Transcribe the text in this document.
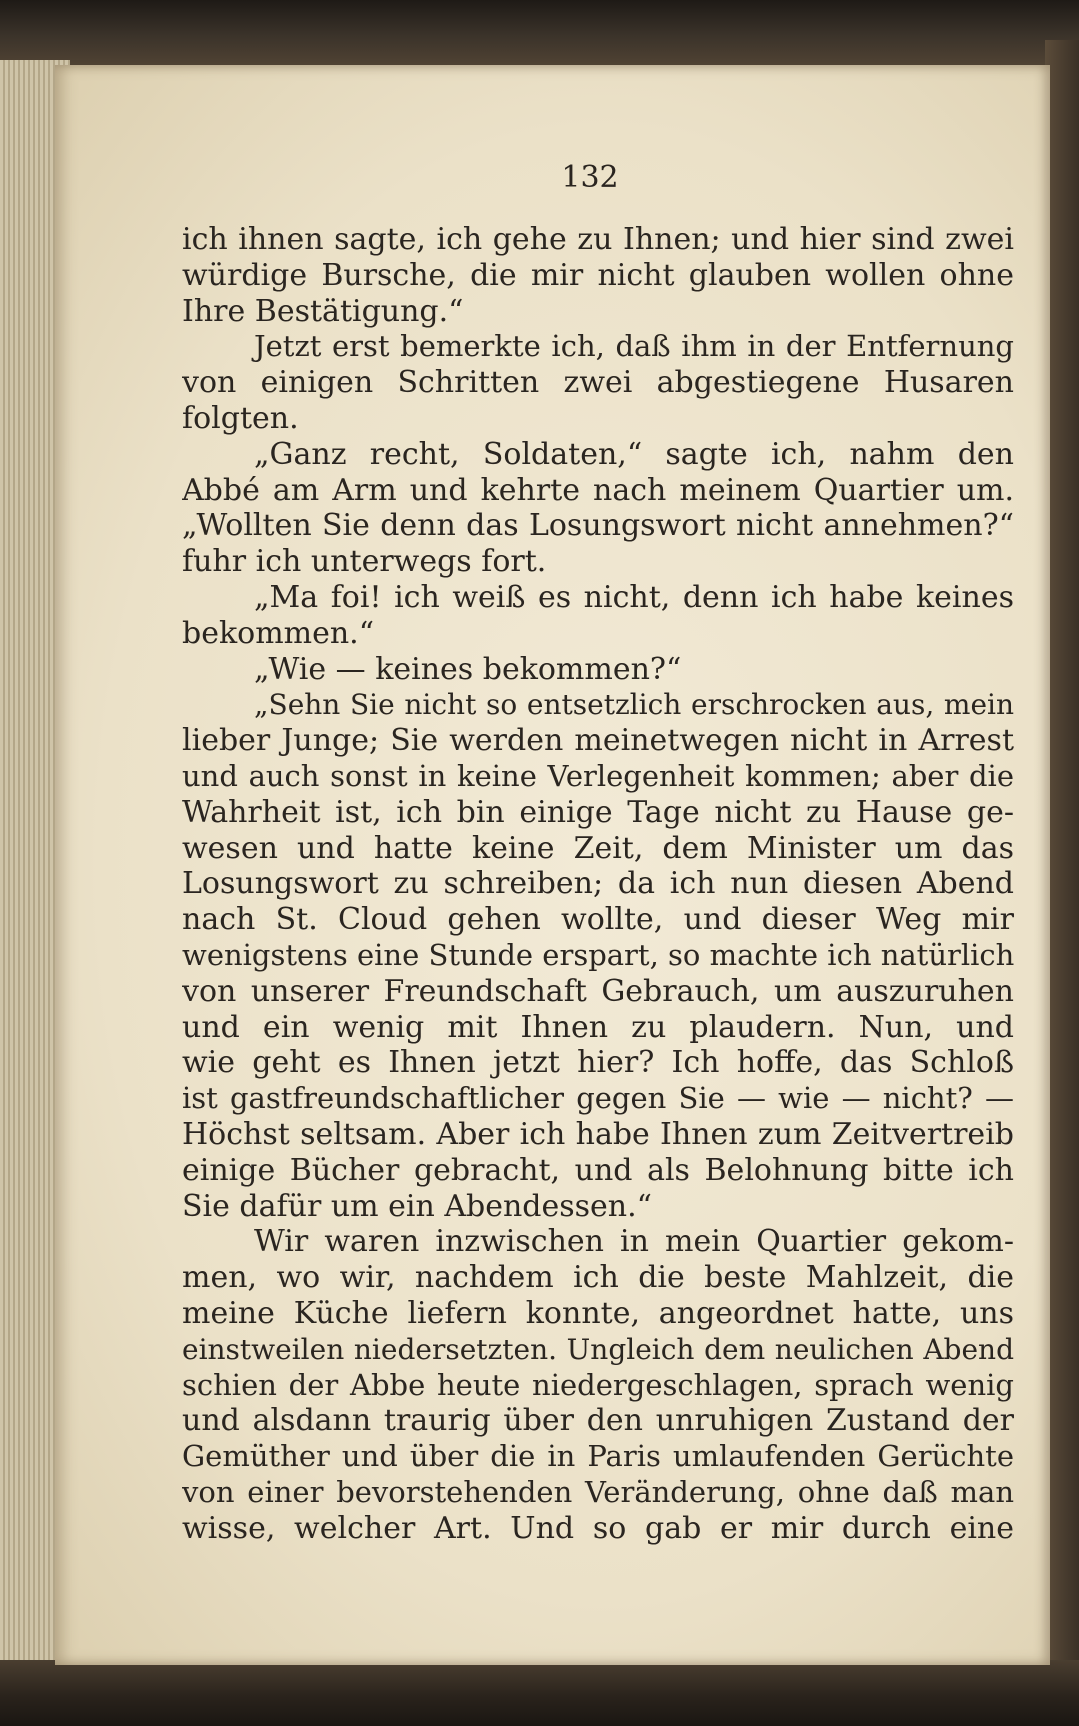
132
ich ihnen sagte, ich gehe zu Ihnen; und hier sind zwei
würdige Bursche, die mir nicht glauben wollen ohne
Ihre Bestätigung.“
Jetzt erst bemerkte ich, daß ihm in der Entfernung
von einigen Schritten zwei abgestiegene Husaren
folgten.
„Ganz recht, Soldaten,“ sagte ich, nahm den
Abbé am Arm und kehrte nach meinem Quartier um.
„Wollten Sie denn das Losungswort nicht annehmen?“
fuhr ich unterwegs fort.
„Ma foi! ich weiß es nicht, denn ich habe keines
bekommen.“
„Wie — keines bekommen?“
„Sehn Sie nicht so entsetzlich erschrocken aus, mein
lieber Junge; Sie werden meinetwegen nicht in Arrest
und auch sonst in keine Verlegenheit kommen; aber die
Wahrheit ist, ich bin einige Tage nicht zu Hause ge-
wesen und hatte keine Zeit, dem Minister um das
Losungswort zu schreiben; da ich nun diesen Abend
nach St. Cloud gehen wollte, und dieser Weg mir
wenigstens eine Stunde erspart, so machte ich natürlich
von unserer Freundschaft Gebrauch, um auszuruhen
und ein wenig mit Ihnen zu plaudern. Nun, und
wie geht es Ihnen jetzt hier? Ich hoffe, das Schloß
ist gastfreundschaftlicher gegen Sie — wie — nicht? —
Höchst seltsam. Aber ich habe Ihnen zum Zeitvertreib
einige Bücher gebracht, und als Belohnung bitte ich
Sie dafür um ein Abendessen.“
Wir waren inzwischen in mein Quartier gekom-
men, wo wir, nachdem ich die beste Mahlzeit, die
meine Küche liefern konnte, angeordnet hatte, uns
einstweilen niedersetzten. Ungleich dem neulichen Abend
schien der Abbe heute niedergeschlagen, sprach wenig
und alsdann traurig über den unruhigen Zustand der
Gemüther und über die in Paris umlaufenden Gerüchte
von einer bevorstehenden Veränderung, ohne daß man
wisse, welcher Art. Und so gab er mir durch eine
